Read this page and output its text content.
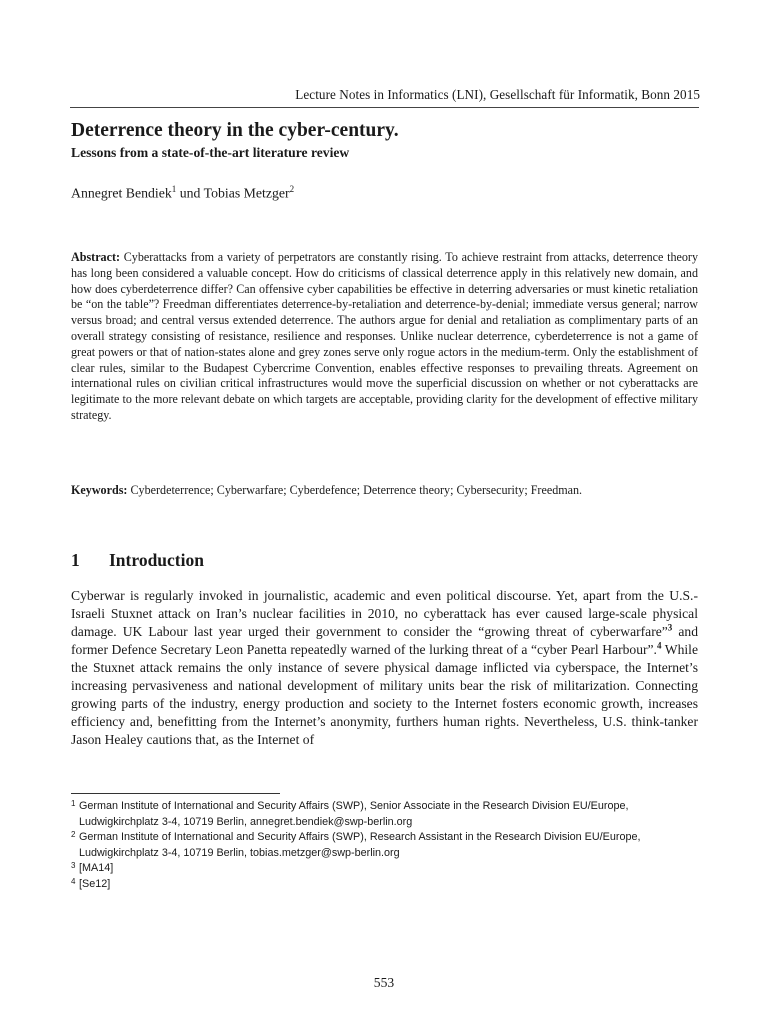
Lecture Notes in Informatics (LNI), Gesellschaft für Informatik, Bonn 2015
Deterrence theory in the cyber-century.
Lessons from a state-of-the-art literature review
Annegret Bendiek$^1$ und Tobias Metzger$^2$

Abstract: Cyberattacks from a variety of perpetrators are constantly rising. To achieve restraint from attacks, deterrence theory has long been considered a valuable concept. How do criticisms of classical deterrence apply in this relatively new domain, and how does cyberdeterrence differ? Can offensive cyber capabilities be effective in deterring adversaries or must kinetic retaliation be “on the table”? Freedman differentiates deterrence-by-retaliation and deterrence-by-denial; immediate versus general; narrow versus broad; and central versus extended deterrence. The authors argue for denial and retaliation as complimentary parts of an overall strategy consisting of resistance, resilience and responses. Unlike nuclear deterrence, cyberdeterrence is not a game of great powers or that of nation-states alone and grey zones serve only rogue actors in the medium-term. Only the establishment of clear rules, similar to the Budapest Cybercrime Convention, enables effective responses to prevailing threats. Agreement on international rules on civilian critical infrastructures would move the superficial discussion on whether or not cyberattacks are legitimate to the more relevant debate on which targets are acceptable, providing clarity for the development of effective military strategy.

Keywords: Cyberdeterrence; Cyberwarfare; Cyberdefence; Deterrence theory; Cybersecurity; Freedman.

1 Introduction

Cyberwar is regularly invoked in journalistic, academic and even political discourse. Yet, apart from the U.S.-Israeli Stuxnet attack on Iran’s nuclear facilities in 2010, no cyberattack has ever caused large-scale physical damage. UK Labour last year urged their government to consider the “growing threat of cyberwarfare”$^3$ and former Defence Secretary Leon Panetta repeatedly warned of the lurking threat of a “cyber Pearl Harbour”.$^4$ While the Stuxnet attack remains the only instance of severe physical damage inflicted via cyberspace, the Internet’s increasing pervasiveness and national development of military units bear the risk of militarization. Connecting growing parts of the industry, energy production and society to the Internet fosters economic growth, increases efficiency and, benefitting from the Internet’s anonymity, furthers human rights. Nevertheless, U.S. think-tanker Jason Healey cautions that, as the Internet of

1 German Institute of International and Security Affairs (SWP), Senior Associate in the Research Division EU/Europe, Ludwigkirchplatz 3-4, 10719 Berlin, annegret.bendiek@swp-berlin.org
2 German Institute of International and Security Affairs (SWP), Research Assistant in the Research Division EU/Europe, Ludwigkirchplatz 3-4, 10719 Berlin, tobias.metzger@swp-berlin.org
3 [MA14]
4 [Se12]
553
